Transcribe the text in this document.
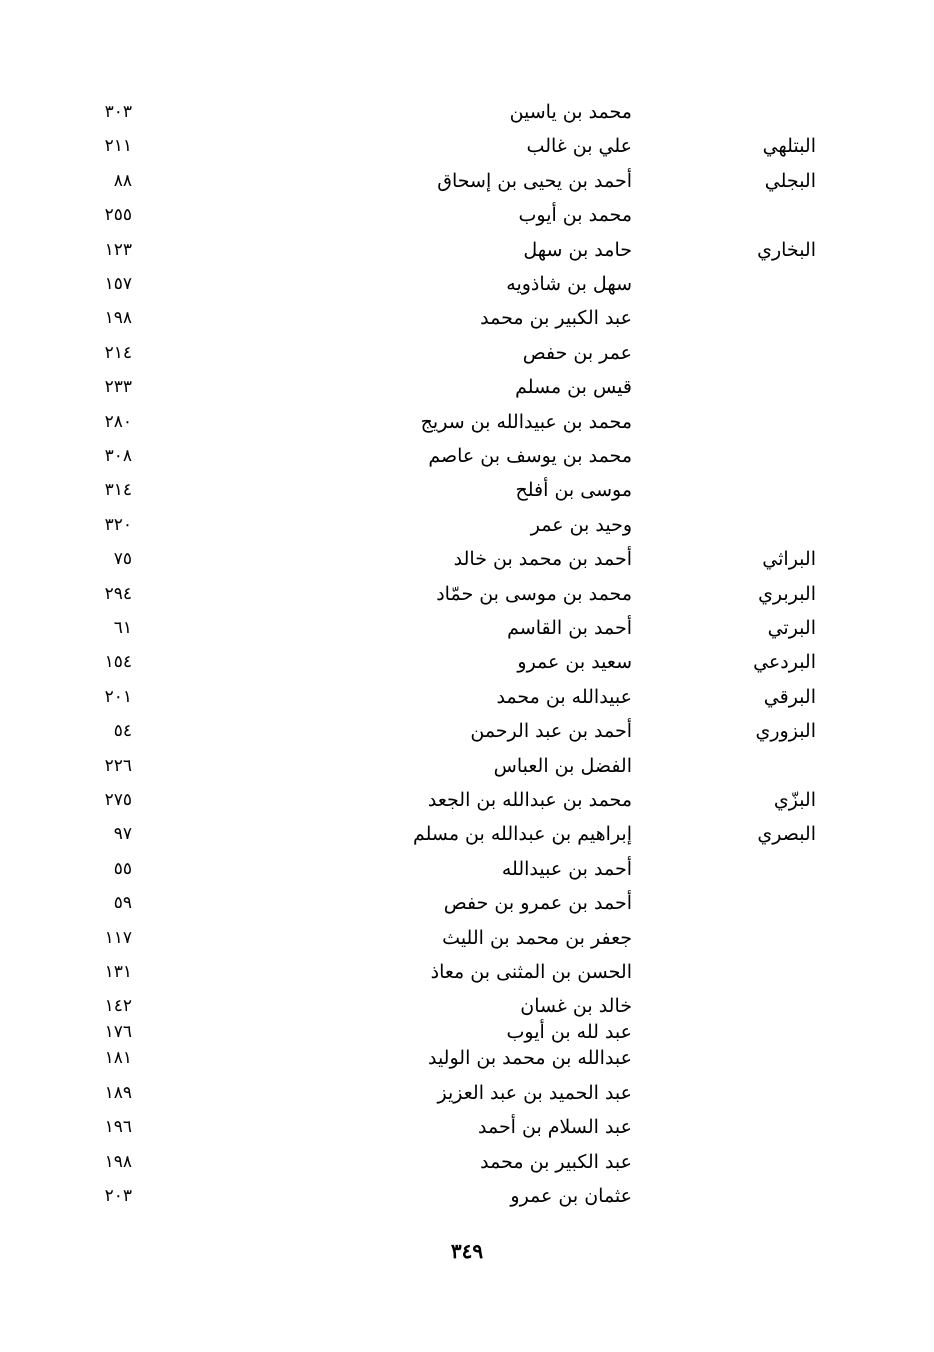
محمد بن ياسين
٣٠٣
البتلهي
علي بن غالب
٢١١
البجلي
أحمد بن يحيى بن إسحاق
٨٨
محمد بن أيوب
٢٥٥
البخاري
حامد بن سهل
١٢٣
سهل بن شاذويه
١٥٧
عبد الكبير بن محمد
١٩٨
عمر بن حفص
٢١٤
قيس بن مسلم
٢٣٣
محمد بن عبيدالله بن سريج
٢٨٠
محمد بن يوسف بن عاصم
٣٠٨
موسى بن أفلح
٣١٤
وحيد بن عمر
٣٢٠
البراثي
أحمد بن محمد بن خالد
٧٥
البربري
محمد بن موسى بن حمّاد
٢٩٤
البرتي
أحمد بن القاسم
٦١
البردعي
سعيد بن عمرو
١٥٤
البرقي
عبيدالله بن محمد
٢٠١
البزوري
أحمد بن عبد الرحمن
٥٤
الفضل بن العباس
٢٢٦
البزّي
محمد بن عبدالله بن الجعد
٢٧٥
البصري
إبراهيم بن عبدالله بن مسلم
٩٧
أحمد بن عبيدالله
٥٥
أحمد بن عمرو بن حفص
٥٩
جعفر بن محمد بن الليث
١١٧
الحسن بن المثنى بن معاذ
١٣١
خالد بن غسان
١٤٢
عبد لله بن أيوب
١٧٦
عبدالله بن محمد بن الوليد
١٨١
عبد الحميد بن عبد العزيز
١٨٩
عبد السلام بن أحمد
١٩٦
عبد الكبير بن محمد
١٩٨
عثمان بن عمرو
٢٠٣
٣٤٩
